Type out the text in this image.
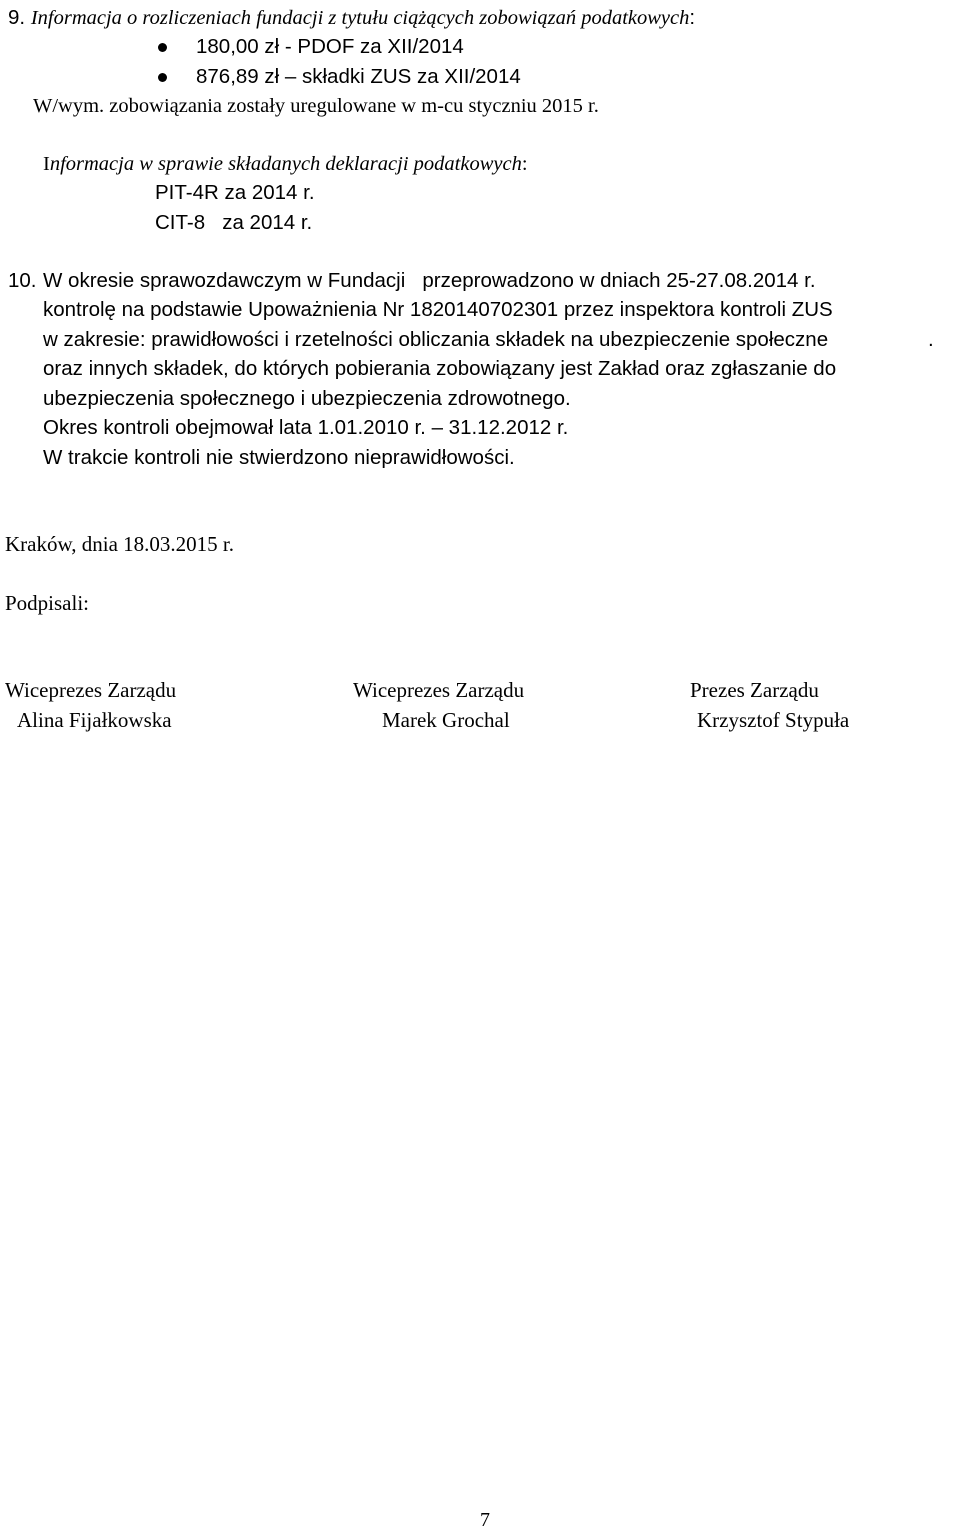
9. Informacja o rozliczeniach fundacji z tytułu ciążących zobowiązań podatkowych:
180,00 zł - PDOF za XII/2014
876,89 zł – składki ZUS za XII/2014
W/wym. zobowiązania zostały uregulowane w m-cu styczniu 2015 r.
Informacja w sprawie składanych deklaracji podatkowych:
PIT-4R za 2014 r.
CIT-8   za 2014 r.
10. W okresie sprawozdawczym w Fundacji   przeprowadzono w dniach 25-27.08.2014 r.
kontrolę na podstawie Upoważnienia Nr 1820140702301 przez inspektora kontroli ZUS
w zakresie: prawidłowości i rzetelności obliczania składek na ubezpieczenie społeczne	.
oraz innych składek, do których pobierania zobowiązany jest Zakład oraz zgłaszanie do
ubezpieczenia społecznego i ubezpieczenia zdrowotnego.
Okres kontroli obejmował lata 1.01.2010 r. – 31.12.2012 r.
W trakcie kontroli nie stwierdzono nieprawidłowości.
Kraków, dnia 18.03.2015 r.
Podpisali:
Wiceprezes Zarządu
Alina Fijałkowska
Wiceprezes Zarządu
Marek Grochal
Prezes Zarządu
Krzysztof Stypuła
7
